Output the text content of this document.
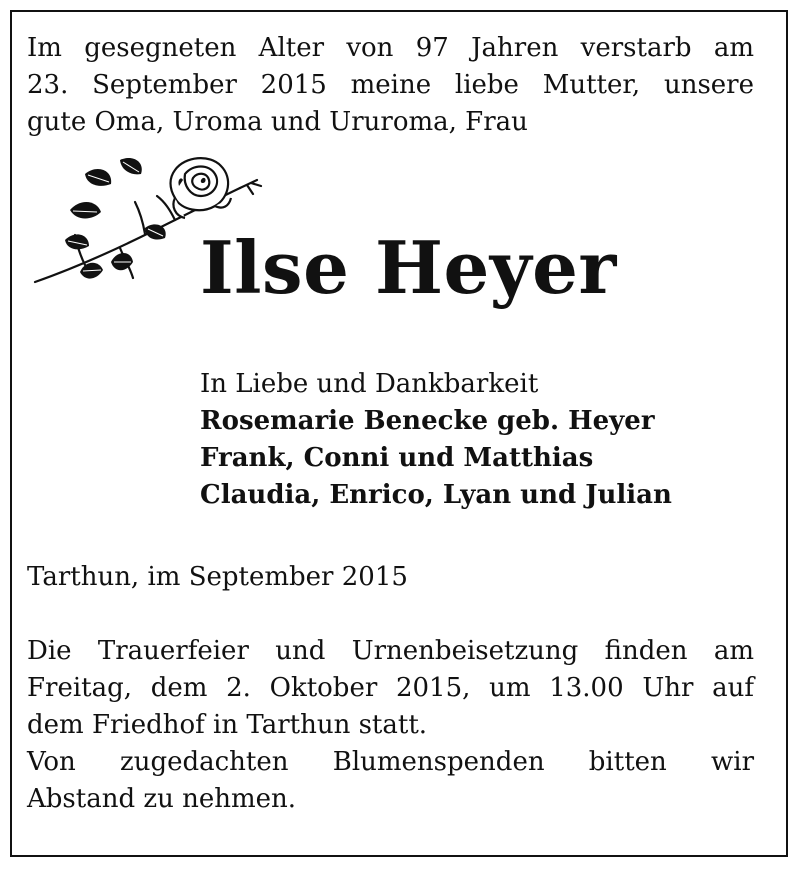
Im gesegneten Alter von 97 Jahren verstarb am
23. September 2015 meine liebe Mutter, unsere
gute Oma, Uroma und Ururoma, Frau

Ilse Heyer
In Liebe und Dankbarkeit
Rosemarie Benecke geb. Heyer
Frank, Conni und Matthias
Claudia, Enrico, Lyan und Julian

Tarthun, im September 2015

Die Trauerfeier und Urnenbeisetzung finden am
Freitag, dem 2. Oktober 2015, um 13.00 Uhr auf
dem Friedhof in Tarthun statt.
Von zugedachten Blumenspenden bitten wir
Abstand zu nehmen.
